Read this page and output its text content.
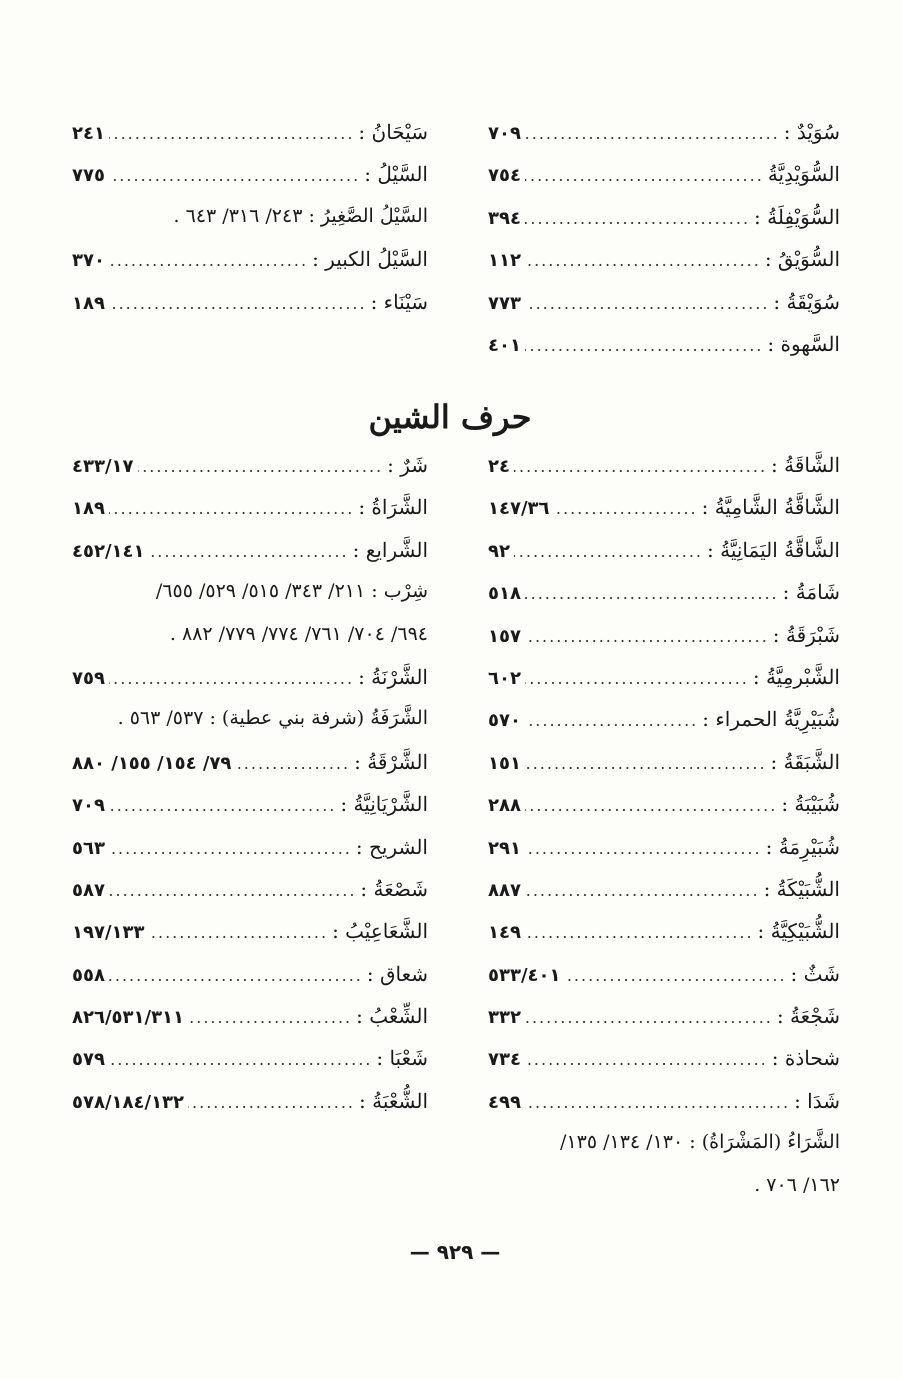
سُوَيْدٌ :
.....
٧٠٩
السُّوَيْدِيَّةُ
.....
٧٥٤
السُّوَيْفِلَةُ :
.....
٣٩٤
السُّوَيْقُ :
.....
١١٢
سُوَيْقَةُ :
.....
٧٧٣
السَّهوة :
.....
٤٠١
سَيْحَانُ :
.....
٢٤١
السَّيْلُ :
.....
٧٧٥
السَّيْلُ الصَّغِيرُ : ٢٤٣/ ٣١٦/ ٦٤٣ .
السَّيْلُ الكبير :
.....
٣٧٠
سَيْنَاء :
.....
١٨٩
حرف الشين
الشَّاقَةُ :
.....
٢٤
الشَّاقَّةُ الشَّامِيَّةُ :
.....
١٤٧/٣٦
الشَّاقَّةُ اليَمَانِيَّةُ :
.....
٩٢
شَامَةُ :
.....
٥١٨
شَبْرَقَةُ :
.....
١٥٧
الشَّبْرمِيَّةُ :
.....
٦٠٢
شُبَيْرِيَّةُ الحمراء :
.....
٥٧٠
الشَّبَقَةُ :
.....
١٥١
شُبَيْبَةُ :
.....
٢٨٨
شُبَيْرِمَةُ :
.....
٢٩١
الشُّبَيْكَةُ :
.....
٨٨٧
الشُّبَيْكِيَّةُ :
.....
١٤٩
شَثٌ :
.....
٥٣٣/٤٠١
شَجْعَةُ :
.....
٣٣٢
شحاذة :
.....
٧٣٤
شَدَا :
.....
٤٩٩
الشَّرَاءُ (المَشْرَاةُ) : ١٣٠/ ١٣٤/ ١٣٥/
١٦٢/ ٧٠٦ .
شَرٌ :
.....
٤٣٣/١٧
الشَّرَاةُ :
.....
١٨٩
الشَّرايع :
.....
٤٥٢/١٤١
شِرْب : ٢١١/ ٣٤٣/ ٥١٥/ ٥٢٩/ ٦٥٥/
٦٩٤/ ٧٠٤/ ٧٦١/ ٧٧٤/ ٧٧٩/ ٨٨٢ .
الشَّرْنَةُ :
.....
٧٥٩
الشَّرَفَةُ (شرفة بني عطية) : ٥٣٧/ ٥٦٣ .
الشَّرْقَةُ :
.....
٧٩/ ١٥٤/ ١٥٥/ ٨٨٠
الشَّرْيَانِيَّةُ :
.....
٧٠٩
الشريح :
.....
٥٦٣
شَصْعَةُ :
.....
٥٨٧
الشَّعَاعِيْبُ :
.....
١٩٧/١٣٣
شعاق :
.....
٥٥٨
الشِّعْبُ :
.....
٨٢٦/٥٣١/٣١١
شَعْبَا :
.....
٥٧٩
الشُّعْبَةُ :
.....
٥٧٨/١٨٤/١٣٢
— ٩٢٩ —
